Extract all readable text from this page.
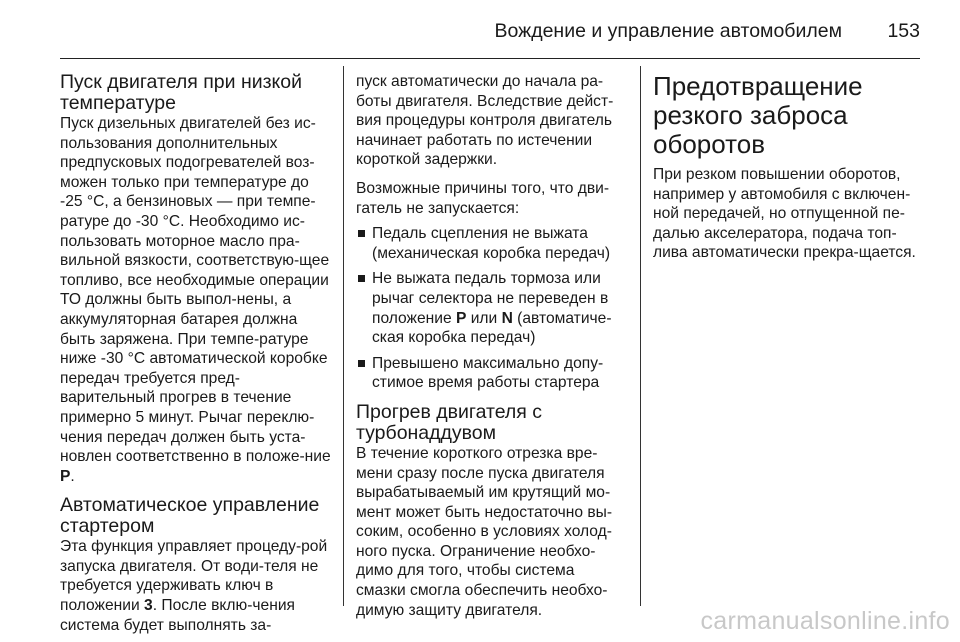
Вождение и управление автомобилем 153
Пуск двигателя при низкой температуре

Пуск дизельных двигателей без ис-пользования дополнительных предпусковых подогревателей воз-можен только при температуре до -25 °C, а бензиновых — при темпе-ратуре до -30 °C. Необходимо ис-пользовать моторное масло пра-вильной вязкости, соответствую-щее топливо, все необходимые операции ТО должны быть выпол-нены, а аккумуляторная батарея должна быть заряжена. При темпе-ратуре ниже -30 °C автоматической коробке передач требуется пред-варительный прогрев в течение примерно 5 минут. Рычаг переклю-чения передач должен быть уста-новлен соответственно в положе-ние P.

Автоматическое управление стартером

Эта функция управляет процеду-рой запуска двигателя. От води-теля не требуется удерживать ключ в положении 3. После вклю-чения система будет выполнять за-

пуск автоматически до начала ра-боты двигателя. Вследствие дейст-вия процедуры контроля двигатель начинает работать по истечении короткой задержки.

Возможные причины того, что дви-гатель не запускается:

Педаль сцепления не выжата (механическая коробка передач)
Не выжата педаль тормоза или рычаг селектора не переведен в положение P или N (автоматиче-ская коробка передач)
Превышено максимально допу-стимое время работы стартера
Прогрев двигателя с турбонаддувом

В течение короткого отрезка вре-мени сразу после пуска двигателя вырабатываемый им крутящий мо-мент может быть недостаточно вы-соким, особенно в условиях холод-ного пуска. Ограничение необхо-димо для того, чтобы система смазки смогла обеспечить необхо-димую защиту двигателя.

Предотвращение резкого заброса оборотов

При резком повышении оборотов, например у автомобиля с включен-ной передачей, но отпущенной пе-далью акселератора, подача топ-лива автоматически прекра-щается.

carmanualsonline.info
